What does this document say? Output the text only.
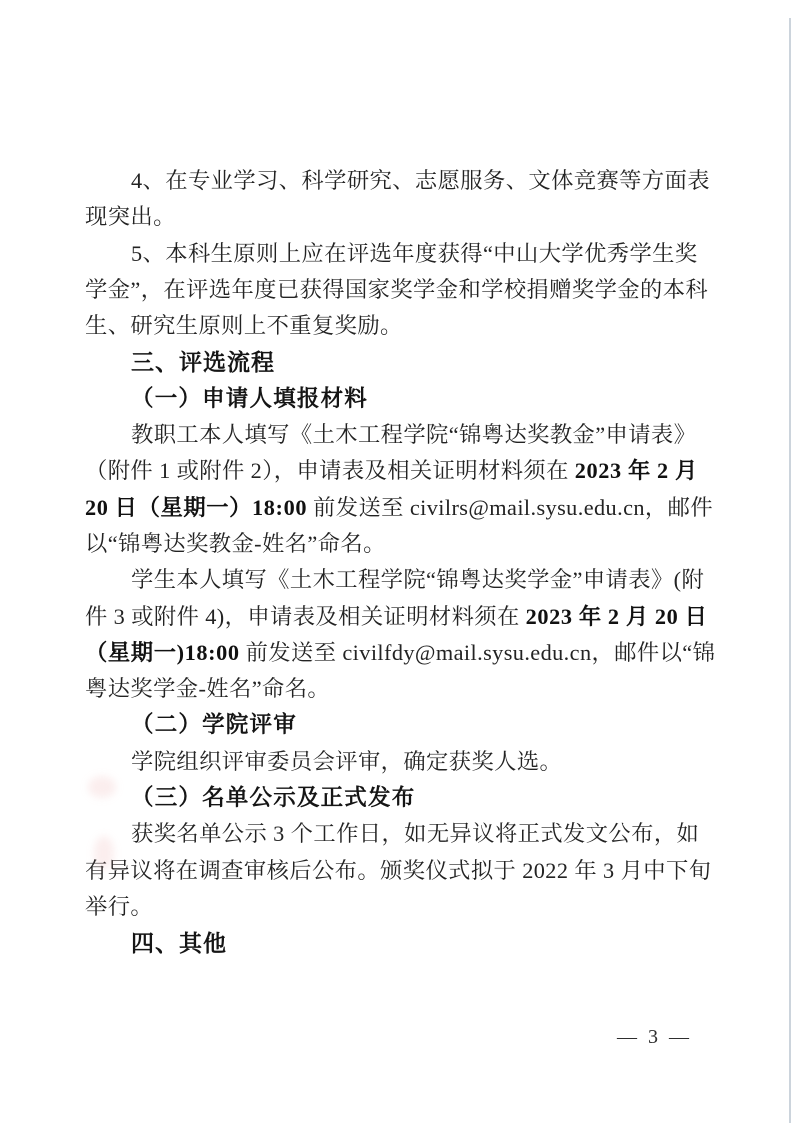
4、在专业学习、科学研究、志愿服务、文体竞赛等方面表
现突出。
5、本科生原则上应在评选年度获得“中山大学优秀学生奖
学金”，在评选年度已获得国家奖学金和学校捐赠奖学金的本科
生、研究生原则上不重复奖励。
三、评选流程
（一）申请人填报材料
教职工本人填写《土木工程学院“锦粤达奖教金”申请表》
（附件 1 或附件 2），申请表及相关证明材料须在 2023 年 2 月
20 日（星期一）18:00 前发送至 civilrs@mail.sysu.edu.cn，邮件
以“锦粤达奖教金-姓名”命名。
学生本人填写《土木工程学院“锦粤达奖学金”申请表》(附
件 3 或附件 4)，申请表及相关证明材料须在 2023 年 2 月 20 日
（星期一)18:00 前发送至 civilfdy@mail.sysu.edu.cn，邮件以“锦
粤达奖学金-姓名”命名。
（二）学院评审
学院组织评审委员会评审，确定获奖人选。
（三）名单公示及正式发布
获奖名单公示 3 个工作日，如无异议将正式发文公布，如
有异议将在调查审核后公布。颁奖仪式拟于 2022 年 3 月中下旬
举行。
四、其他
— 3 —
